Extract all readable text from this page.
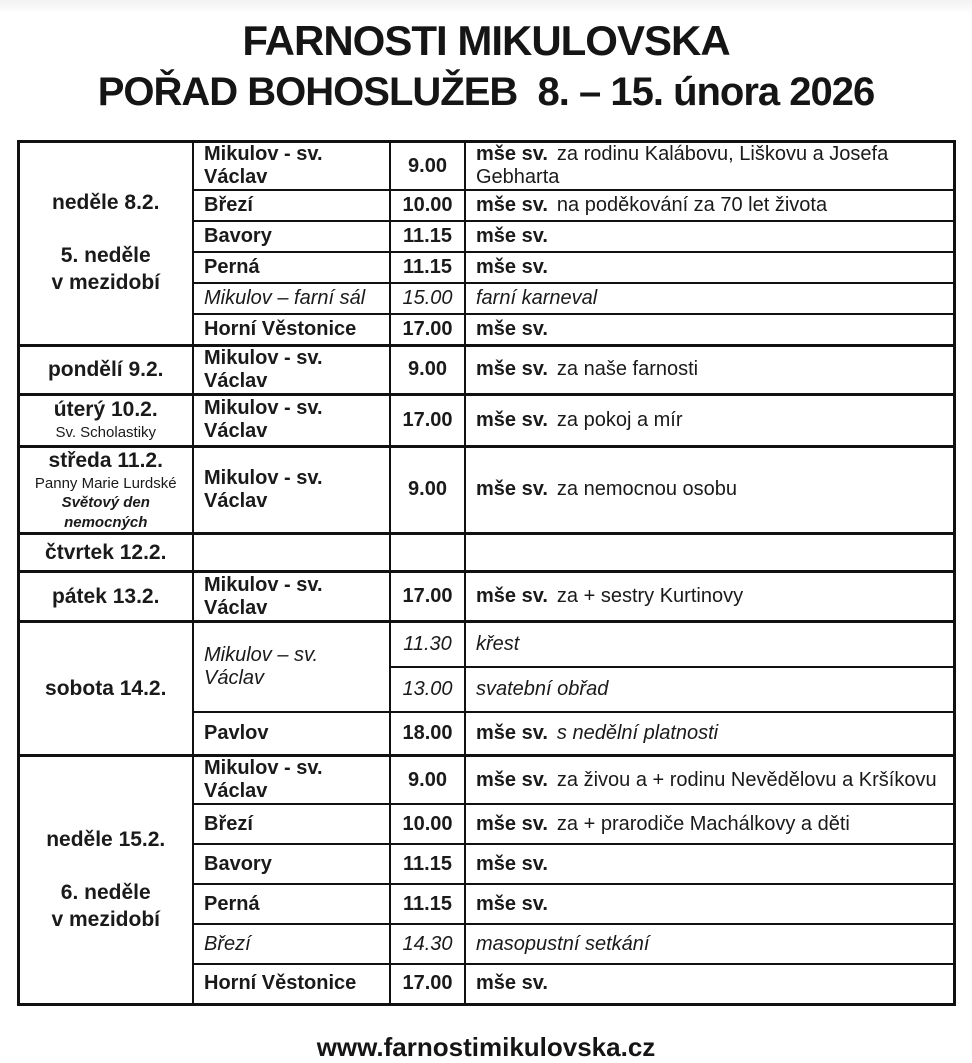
FARNOSTI MIKULOVSKA
POŘAD BOHOSLUŽEB  8. – 15. února 2026
neděle 8.2.
5. neděle
v mezidobí	Mikulov - sv. Václav	9.00	mše sv. za rodinu Kalábovu, Liškovu a Josefa Gebharta
	Březí	10.00	mše sv. na poděkování za 70 let života
	Bavory	11.15	mše sv.
	Perná	11.15	mše sv.
	Mikulov – farní sál	15.00	farní karneval
	Horní Věstonice	17.00	mše sv.

pondělí 9.2.	Mikulov - sv. Václav	9.00	mše sv. za naše farnosti

úterý 10.2.
Sv. Scholastiky	Mikulov - sv. Václav	17.00	mše sv. za pokoj a mír

středa 11.2.
Panny Marie Lurdské
Světový den nemocných	Mikulov - sv. Václav	9.00	mše sv. za nemocnou osobu

čtvrtek 12.2.			

pátek 13.2.	Mikulov - sv. Václav	17.00	mše sv. za + sestry Kurtinovy

sobota 14.2.	Mikulov – sv. Václav	11.30	křest
		13.00	svatební obřad
	Pavlov	18.00	mše sv. s nedělní platnosti

neděle 15.2.
6. neděle
v mezidobí	Mikulov - sv. Václav	9.00	mše sv. za živou a + rodinu Nevědělovu a Kršíkovu
	Březí	10.00	mše sv. za + prarodiče Machálkovy a děti
	Bavory	11.15	mše sv.
	Perná	11.15	mše sv.
	Březí	14.30	masopustní setkání
	Horní Věstonice	17.00	mše sv.
www.farnostimikulovska.cz
